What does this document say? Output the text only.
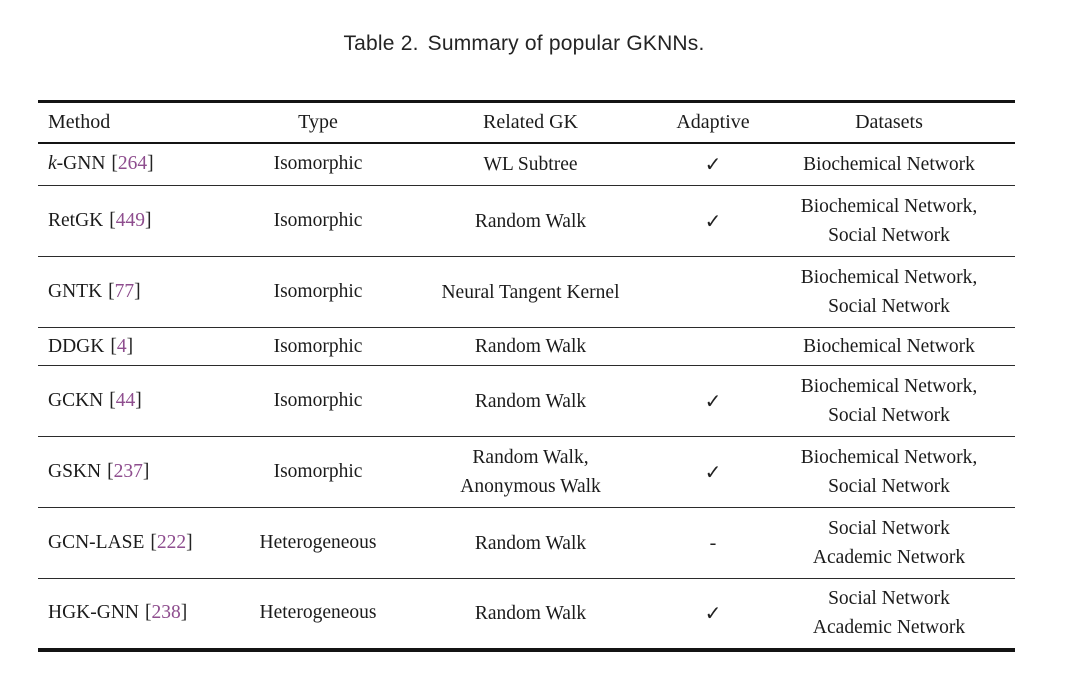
Table 2. Summary of popular GKNNs.
Method	Type	Related GK	Adaptive	Datasets
k-GNN [264]	Isomorphic	WL Subtree	✓	Biochemical Network

RetGK [449]	Isomorphic	Random Walk	✓	Biochemical Network,
Social Network

GNTK [77]	Isomorphic	Neural Tangent Kernel		Biochemical Network,
Social Network

DDGK [4]	Isomorphic	Random Walk		Biochemical Network

GCKN [44]	Isomorphic	Random Walk	✓	Biochemical Network,
Social Network

GSKN [237]	Isomorphic	Random Walk,
Anonymous Walk	✓	Biochemical Network,
Social Network

GCN-LASE [222]	Heterogeneous	Random Walk	-	Social Network
Academic Network

HGK-GNN [238]	Heterogeneous	Random Walk	✓	Social Network
Academic Network
